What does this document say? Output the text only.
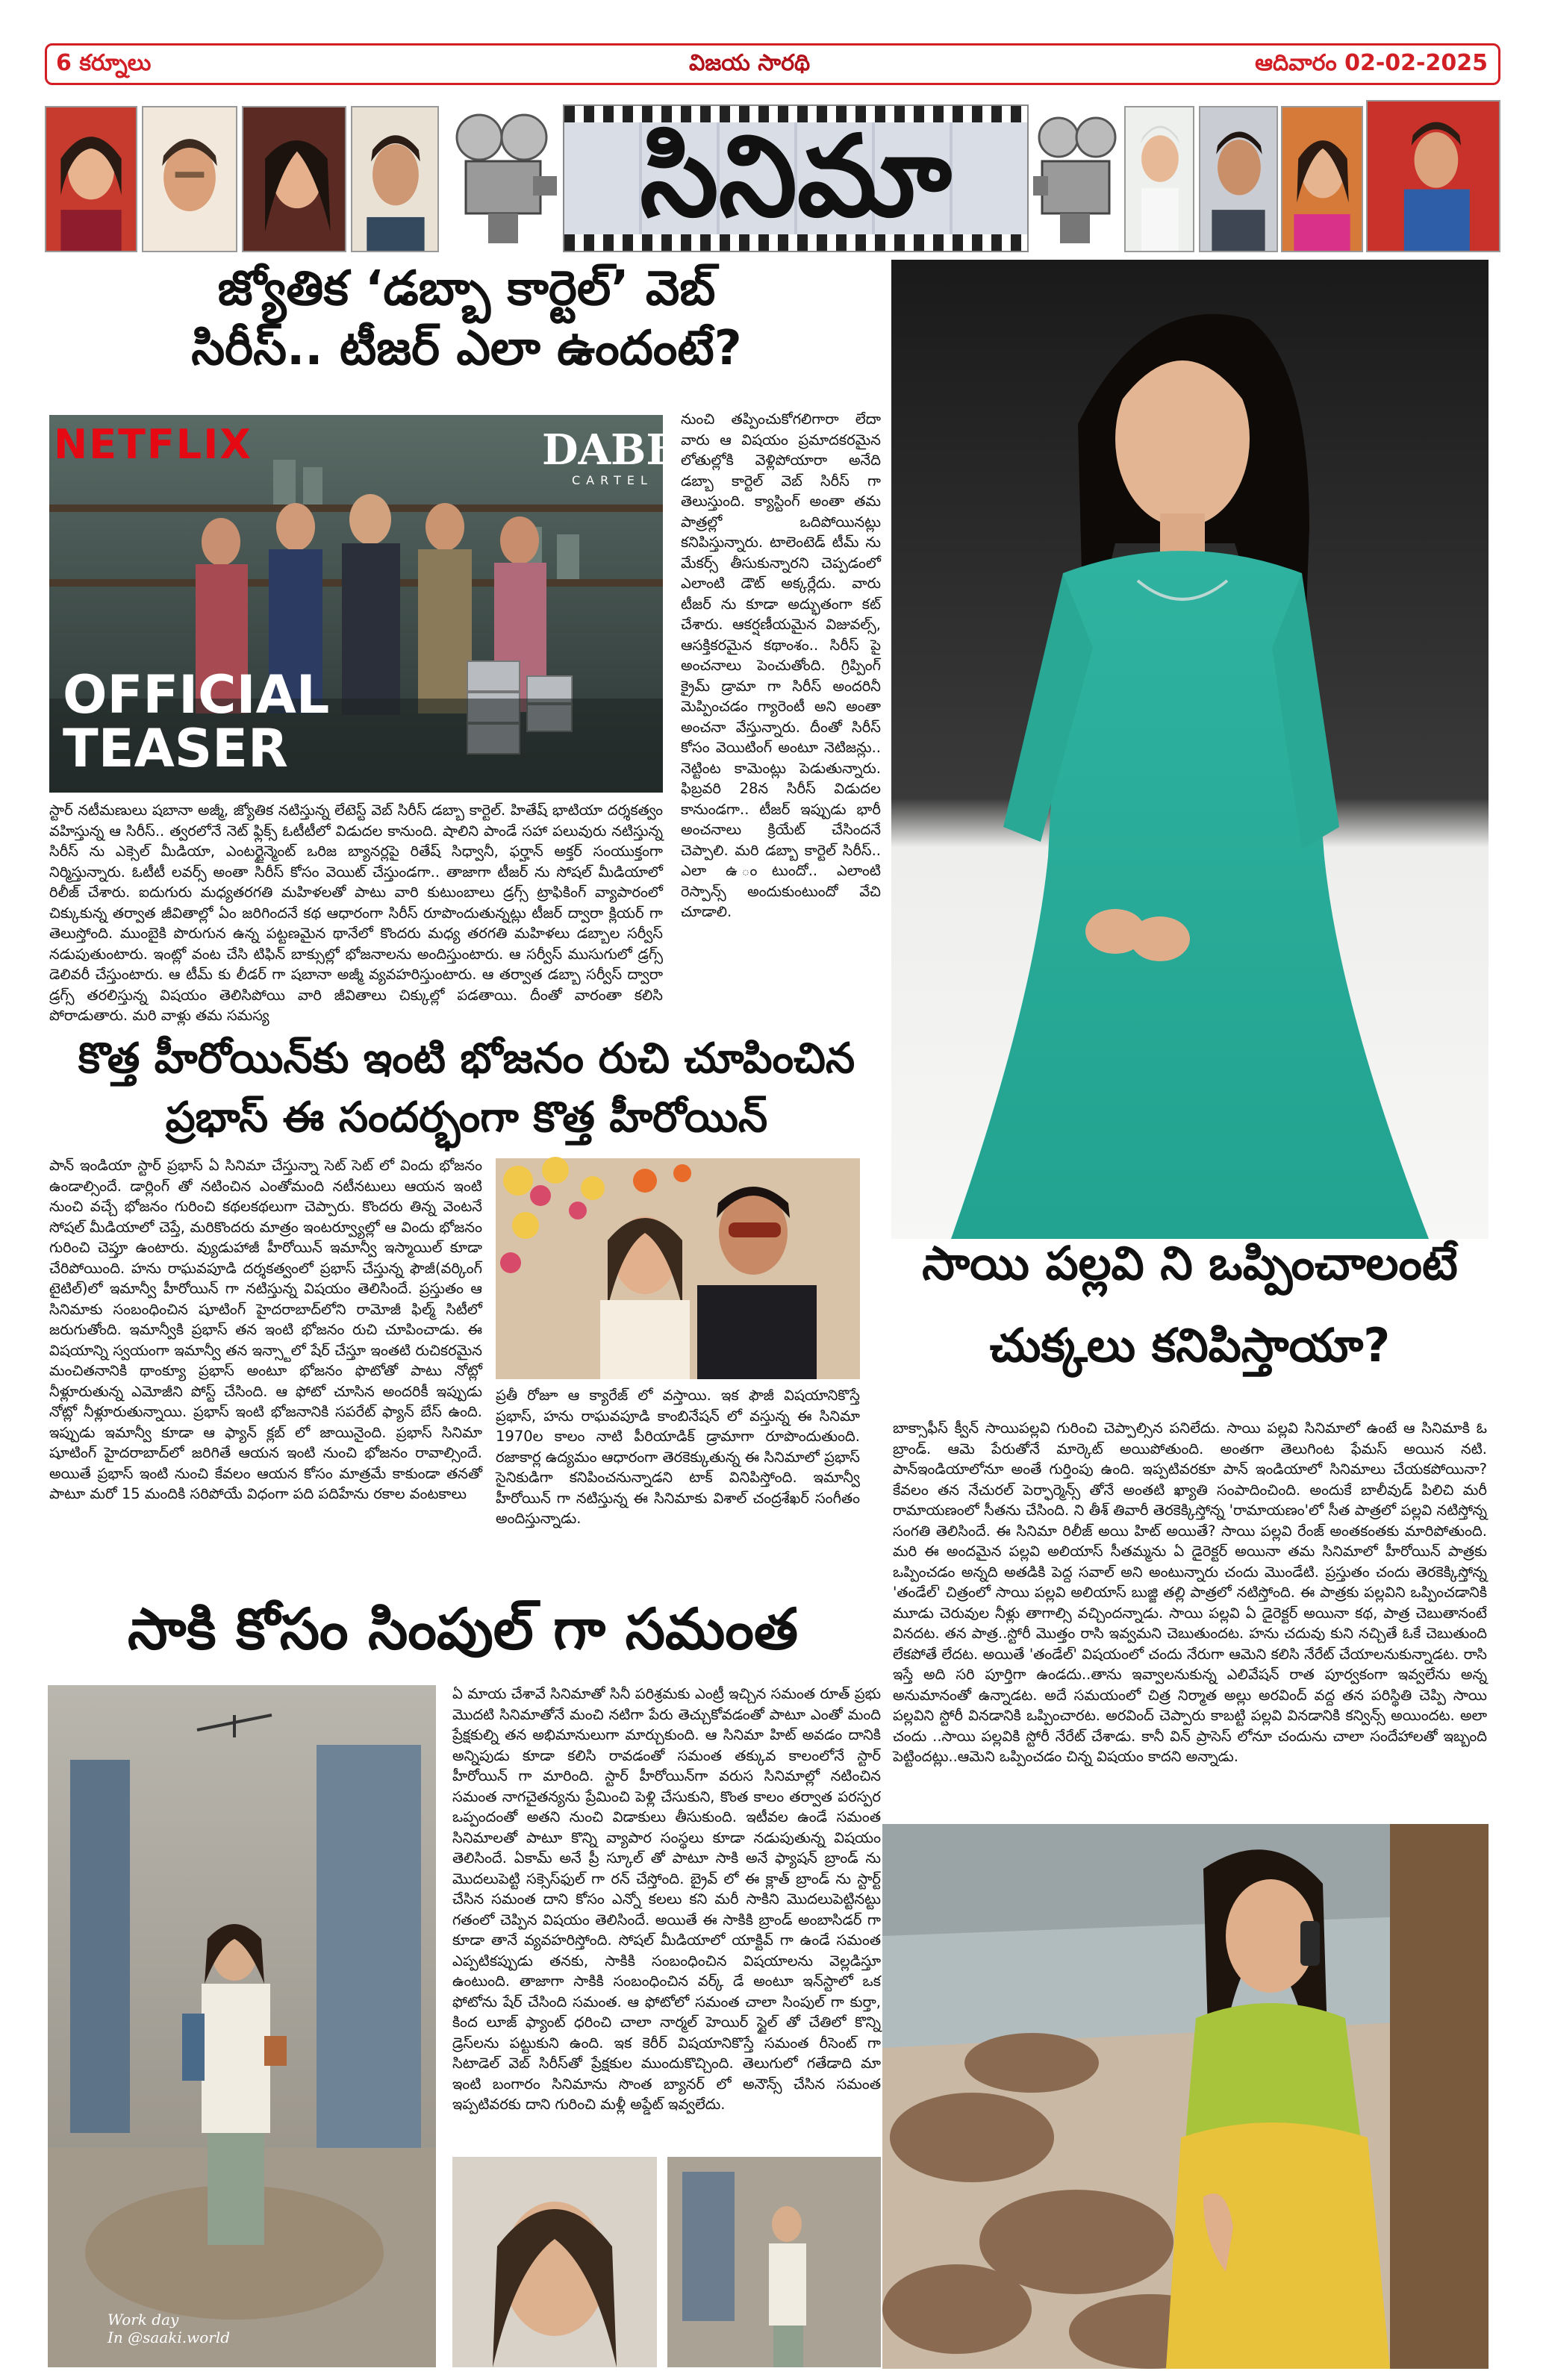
6 కర్నూలు	విజయ సారథి	ఆదివారం 02-02-2025
సినిమా
జ్యోతిక ‘డబ్బా కార్టెల్’ వెబ్
సిరీస్.. టీజర్ ఎలా ఉందంటే?
NETFLIX	DABBA
CARTEL
OFFICIAL
TEASER
నుంచి తప్పించుకోగలిగారా లేదా వారు ఆ విషయం ప్రమాదకరమైన లోతుల్లోకి వెళ్లిపోయారా అనేది డబ్బా కార్టెల్ వెబ్ సిరీస్ గా తెలుస్తుంది. క్యాస్టింగ్ అంతా తమ పాత్రల్లో ఒదిపోయినట్లు కనిపిస్తున్నారు. టాలెంటెడ్ టీమ్ ను మేకర్స్ తీసుకున్నారని చెప్పడంలో ఎలాంటి డౌట్ అక్కర్లేదు. వారు టీజర్ ను కూడా అద్భుతంగా కట్ చేశారు. ఆకర్షణీయమైన విజువల్స్, ఆసక్తికరమైన కథాంశం.. సిరీస్ పై అంచనాలు పెంచుతోంది. గ్రిప్పింగ్ క్రైమ్ డ్రామా గా సిరీస్ అందరినీ మెప్పించడం గ్యారెంటీ అని అంతా అంచనా వేస్తున్నారు. దీంతో సిరీస్ కోసం వెయిటింగ్ అంటూ నెటిజన్లు.. నెట్టింట కామెంట్లు పెడుతున్నారు. ఫిబ్రవరి 28న సిరీస్ విడుదల కానుండగా.. టీజర్ ఇప్పుడు భారీ అంచనాలు క్రియేట్ చేసిందనే చెప్పాలి. మరి డబ్బా కార్టెల్ సిరీస్.. ఎలా ఉ ంటుందో.. ఎలాంటి రెస్పాన్స్ అందుకుంటుందో వేచి చూడాలి.
స్టార్ నటీమణులు షబానా అజ్మీ, జ్యోతిక నటిస్తున్న లేటెస్ట్ వెబ్ సిరీస్ డబ్బా కార్టెల్. హితేష్ భాటియా దర్శకత్వం వహిస్తున్న ఆ సిరీస్.. త్వరలోనే నెట్ ఫ్లిక్స్ ఓటీటీలో విడుదల కానుంది. షాలిని పాండే సహా పలువురు నటిస్తున్న సిరీస్ ను ఎక్సెల్ మీడియా, ఎంటర్టైన్మెంట్ ఒరిజ బ్యానర్లపై రితేష్ సిధ్వానీ, ఫర్హాన్ అక్తర్ సంయుక్తంగా నిర్మిస్తున్నారు. ఓటీటీ లవర్స్ అంతా సిరీస్ కోసం వెయిట్ చేస్తుండగా.. తాజాగా టీజర్ ను సోషల్ మీడియాలో రిలీజ్ చేశారు. ఐదుగురు మధ్యతరగతి మహిళలతో పాటు వారి కుటుంబాలు డ్రగ్స్ ట్రాఫికింగ్ వ్యాపారంలో చిక్కుకున్న తర్వాత జీవితాల్లో ఏం జరిగిందనే కథ ఆధారంగా సిరీస్ రూపొందుతున్నట్లు టీజర్ ద్వారా క్లియర్ గా తెలుస్తోంది. ముంబైకి పొరుగున ఉన్న పట్టణమైన థానేలో కొందరు మధ్య తరగతి మహిళలు డబ్బాల సర్వీస్ నడుపుతుంటారు. ఇంట్లో వంట చేసి టిఫిన్ బాక్సుల్లో భోజనాలను అందిస్తుంటారు. ఆ సర్వీస్ ముసుగులో డ్రగ్స్ డెలివరీ చేస్తుంటారు. ఆ టీమ్ కు లీడర్ గా షబానా అజ్మీ వ్యవహరిస్తుంటారు. ఆ తర్వాత డబ్బా సర్వీస్ ద్వారా డ్రగ్స్ తరలిస్తున్న విషయం తెలిసిపోయి వారి జీవితాలు చిక్కుల్లో పడతాయి. దీంతో వారంతా కలిసి పోరాడుతారు. మరి వాళ్లు తమ సమస్య
కొత్త హీరోయిన్‌కు ఇంటి భోజనం రుచి చూపించిన
ప్రభాస్ ఈ సందర్భంగా కొత్త హీరోయిన్
పాన్ ఇండియా స్టార్ ప్రభాస్ ఏ సినిమా చేస్తున్నా సెట్ సెట్ లో విందు భోజనం ఉండాల్సిందే. డార్లింగ్ తో నటించిన ఎంతోమంది నటీనటులు ఆయన ఇంటి నుంచి వచ్చే భోజనం గురించి కథలకథలుగా చెప్పారు. కొందరు తిన్న వెంటనే సోషల్ మీడియాలో చెప్తే, మరికొందరు మాత్రం ఇంటర్వ్యూల్లో ఆ విందు భోజనం గురించి చెప్తూ ఉంటారు. వ్యుడుహాజీ హీరోయిన్ ఇమాన్వీ ఇస్మాయిల్ కూడా చేరిపోయింది. హను రాఘవపూడి దర్శకత్వంలో ప్రభాస్ చేస్తున్న ఫౌజీ(వర్కింగ్ టైటిల్)లో ఇమాన్వీ హీరోయిన్ గా నటిస్తున్న విషయం తెలిసిందే. ప్రస్తుతం ఆ సినిమాకు సంబంధించిన షూటింగ్ హైదరాబాద్‌లోని రామోజీ ఫిల్మ్ సిటీలో జరుగుతోంది. ఇమాన్వీకి ప్రభాస్ తన ఇంటి భోజనం రుచి చూపించాడు. ఈ విషయాన్ని స్వయంగా ఇమాన్వీ తన ఇన్స్టాలో షేర్ చేస్తూ ఇంతటి రుచికరమైన మంచితనానికి థాంక్యూ ప్రభాస్ అంటూ భోజనం ఫొటోతో పాటు నోట్లో నీళ్లూరుతున్న ఎమోజీని పోస్ట్ చేసింది. ఆ ఫోటో చూసిన అందరికీ ఇప్పుడు నోట్లో నీళ్లూరుతున్నాయి. ప్రభాస్ ఇంటి భోజనానికి సపరేట్ ఫ్యాన్ బేస్ ఉంది. ఇప్పుడు ఇమాన్వీ కూడా ఆ ఫ్యాన్ క్లబ్ లో జాయినైంది. ప్రభాస్ సినిమా షూటింగ్ హైదరాబాద్‌లో జరిగితే ఆయన ఇంటి నుంచి భోజనం రావాల్సిందే. అయితే ప్రభాస్ ఇంటి నుంచి కేవలం ఆయన కోసం మాత్రమే కాకుండా తనతో పాటూ మరో 15 మందికి సరిపోయే విధంగా పది పదిహేను రకాల వంటకాలు
ప్రతీ రోజూ ఆ క్యారేజ్ లో వస్తాయి. ఇక ఫౌజీ విషయానికొస్తే ప్రభాస్, హను రాఘవపూడి కాంబినేషన్ లో వస్తున్న ఈ సినిమా 1970ల కాలం నాటి పీరియాడిక్ డ్రామాగా రూపొందుతుంది. రజాకార్ల ఉద్యమం ఆధారంగా తెరకెక్కుతున్న ఈ సినిమాలో ప్రభాస్ సైనికుడిగా కనిపించనున్నాడని టాక్ వినిపిస్తోంది. ఇమాన్వీ హీరోయిన్ గా నటిస్తున్న ఈ సినిమాకు విశాల్ చంద్రశేఖర్ సంగీతం అందిస్తున్నాడు.
సాకి కోసం సింపుల్ గా సమంత
Work day
In @saaki.world
ఏ మాయ చేశావే సినిమాతో సినీ పరిశ్రమకు ఎంట్రీ ఇచ్చిన సమంత రూత్ ప్రభు మొదటి సినిమాతోనే మంచి నటిగా పేరు తెచ్చుకోవడంతో పాటూ ఎంతో మంది ప్రేక్షకుల్ని తన అభిమానులుగా మార్చుకుంది. ఆ సినిమా హిట్ అవడం దానికి అన్నిపుడు కూడా కలిసి రావడంతో సమంత తక్కువ కాలంలోనే స్టార్ హీరోయిన్ గా మారింది. స్టార్ హీరోయిన్‌గా వరుస సినిమాల్లో నటించిన సమంత నాగచైతన్యను ప్రేమించి పెళ్లి చేసుకుని, కొంత కాలం తర్వాత పరస్పర ఒప్పందంతో అతని నుంచి విడాకులు తీసుకుంది. ఇటీవల ఉండే సమంత సినిమాలతో పాటూ కొన్ని వ్యాపార సంస్థలు కూడా నడుపుతున్న విషయం తెలిసిందే. ఏకామ్ అనే ప్రీ స్కూల్ తో పాటూ సాకి అనే ఫ్యాషన్ బ్రాండ్ ను మొదలుపెట్టి సక్సెస్‌ఫుల్ గా రన్ చేస్తోంది. బ్రైవ్ లో ఈ క్లాత్ బ్రాండ్ ను స్టార్ట్ చేసిన సమంత దాని కోసం ఎన్నో కలలు కని మరీ సాకిని మొదలుపెట్టినట్టు గతంలో చెప్పిన విషయం తెలిసిందే. అయితే ఈ సాకికి బ్రాండ్ అంబాసిడర్ గా కూడా తానే వ్యవహరిస్తోంది. సోషల్ మీడియాలో యాక్టివ్ గా ఉండే సమంత ఎప్పటికప్పుడు తనకు, సాకికి సంబంధించిన విషయాలను వెల్లడిస్తూ ఉంటుంది. తాజాగా సాకికి సంబంధించిన వర్క్ డే అంటూ ఇన్‌స్టాలో ఒక ఫోటోను షేర్ చేసింది సమంత. ఆ ఫోటోలో సమంత చాలా సింపుల్ గా కుర్తా, కింద లూజ్ ఫ్యాంట్ ధరించి చాలా నార్మల్ హెయిర్ స్టైల్ తో చేతిలో కొన్ని డ్రెస్‌లను పట్టుకుని ఉంది. ఇక కెరీర్ విషయానికొస్తే సమంత రీసెంట్ గా సిటాడెల్ వెబ్ సిరీస్‌తో ప్రేక్షకుల ముందుకొచ్చింది. తెలుగులో గతేడాది మా ఇంటి బంగారం సినిమాను సొంత బ్యానర్ లో అనౌన్స్ చేసిన సమంత ఇప్పటివరకు దాని గురించి మళ్లీ అప్డేట్ ఇవ్వలేదు.
సాయి పల్లవి ని ఒప్పించాలంటే
చుక్కలు కనిపిస్తాయా?
బాక్సాఫీస్ క్వీన్ సాయిపల్లవి గురించి చెప్పాల్సిన పనిలేదు. సాయి పల్లవి సినిమాలో ఉంటే ఆ సినిమాకి ఓ బ్రాండ్. ఆమె పేరుతోనే మార్కెట్ అయిపోతుంది. అంతగా తెలుగింట ఫేమస్ అయిన నటి. పాన్‌ఇండియాలోనూ అంతే గుర్తింపు ఉంది. ఇప్పటివరకూ పాన్ ఇండియాలో సినిమాలు చేయకపోయినా? కేవలం తన నేచురల్ పెర్ఫార్మెన్స్ తోనే అంతటి ఖ్యాతి సంపాదించింది. అందుకే బాలీవుడ్ పిలిచి మరీ రామాయణంలో సీతను చేసింది. ని తీశ్ తివారీ తెరకెక్కిస్తోన్న 'రామాయణం'లో సీత పాత్రలో పల్లవి నటిస్తోన్న సంగతి తెలిసిందే. ఈ సినిమా రిలీజ్ అయి హిట్ అయితే? సాయి పల్లవి రేంజ్ అంతకంతకు మారిపోతుంది. మరి ఈ అందమైన పల్లవి అలియాస్ సీతమ్మను ఏ డైరెక్టర్ అయినా తమ సినిమాలో హీరోయిన్ పాత్రకు ఒప్పించడం అన్నది అతడికి పెద్ద సవాల్ అని అంటున్నారు చందు మొండేటి. ప్రస్తుతం చందు తెరకెక్కిస్తోన్న 'తండేల్' చిత్రంలో సాయి పల్లవి అలియాస్ బుజ్జి తల్లి పాత్రలో నటిస్తోంది. ఈ పాత్రకు పల్లవిని ఒప్పించడానికి మూడు చెరువుల నీళ్లు తాగాల్సి వచ్చిందన్నాడు. సాయి పల్లవి ఏ డైరెక్టర్ అయినా కథ, పాత్ర చెబుతానంటే వినదట. తన పాత్ర..స్టోరీ మొత్తం రాసి ఇవ్వమని చెబుతుందట. హను చదువు కుని నచ్చితే ఓకే చెబుతుంది లేకపోతే లేదట. అయితే 'తండేల్' విషయంలో చందు నేరుగా ఆమెని కలిసి నేరేట్ చేయాలనుకున్నాడట. రాసి ఇస్తే అది సరి పూర్తిగా ఉండదు..తాను ఇవ్వాలనుకున్న ఎలివేషన్ రాత పూర్వకంగా ఇవ్వలేను అన్న అనుమానంతో ఉన్నాడట. అదే సమయంలో చిత్ర నిర్మాత అల్లు అరవింద్ వద్ద తన పరిస్థితి చెప్పి సాయి పల్లవిని స్టోరీ వినడానికి ఒప్పించారట. అరవింద్ చెప్పారు కాబట్టి పల్లవి వినడానికి కన్విన్స్ అయిందట. అలా చందు ..సాయి పల్లవికి స్టోరీ నేరేట్ చేశాడు. కానీ విన్ ప్రాసెస్ లోనూ చందును చాలా సందేహాలతో ఇబ్బంది పెట్టిందట్లు..ఆమెని ఒప్పించడం చిన్న విషయం కాదని అన్నాడు.
